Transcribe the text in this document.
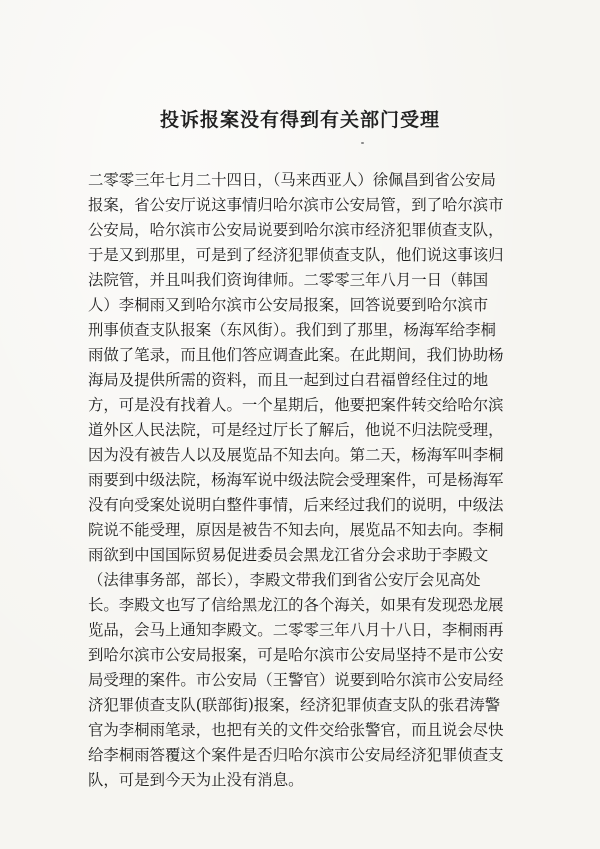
投诉报案没有得到有关部门受理
二零零三年七月二十四日，（马来西亚人）徐佩昌到省公安局
报案，省公安厅说这事情归哈尔滨市公安局管，到了哈尔滨市
公安局，哈尔滨市公安局说要到哈尔滨市经济犯罪侦查支队，
于是又到那里，可是到了经济犯罪侦查支队，他们说这事该归
法院管，并且叫我们资询律师。二零零三年八月一日（韩国
人）李桐雨又到哈尔滨市公安局报案，回答说要到哈尔滨市
刑事侦查支队报案（东风街）。我们到了那里，杨海军给李桐
雨做了笔录，而且他们答应调查此案。在此期间，我们协助杨
海局及提供所需的资料，而且一起到过白君福曾经住过的地
方，可是没有找着人。一个星期后，他要把案件转交给哈尔滨
道外区人民法院，可是经过厅长了解后，他说不归法院受理，
因为没有被告人以及展览品不知去向。第二天，杨海军叫李桐
雨要到中级法院，杨海军说中级法院会受理案件，可是杨海军
没有向受案处说明白整件事情，后来经过我们的说明，中级法
院说不能受理，原因是被告不知去向，展览品不知去向。李桐
雨欲到中国国际贸易促进委员会黑龙江省分会求助于李殿文
（法律事务部，部长），李殿文带我们到省公安厅会见高处
长。李殿文也写了信给黑龙江的各个海关，如果有发现恐龙展
览品，会马上通知李殿文。二零零三年八月十八日，李桐雨再
到哈尔滨市公安局报案，可是哈尔滨市公安局坚持不是市公安
局受理的案件。市公安局（王警官）说要到哈尔滨市公安局经
济犯罪侦查支队(联部街)报案，经济犯罪侦查支队的张君涛警
官为李桐雨笔录，也把有关的文件交给张警官，而且说会尽快
给李桐雨答覆这个案件是否归哈尔滨市公安局经济犯罪侦查支
队，可是到今天为止没有消息。
